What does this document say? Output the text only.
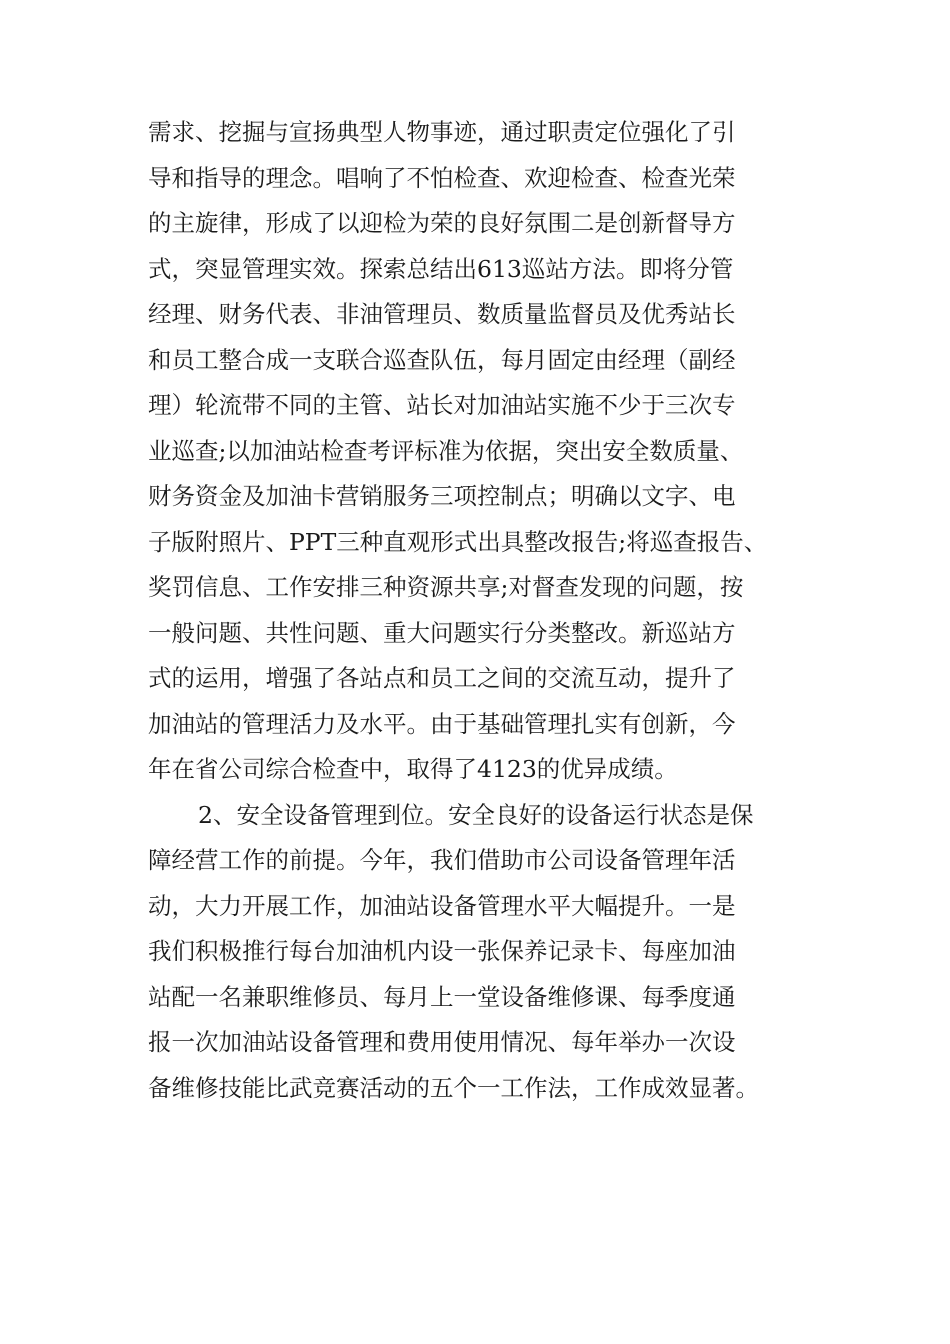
需求、挖掘与宣扬典型人物事迹，通过职责定位强化了引
导和指导的理念。唱响了不怕检查、欢迎检查、检查光荣
的主旋律，形成了以迎检为荣的良好氛围二是创新督导方
式，突显管理实效。探索总结出613巡站方法。即将分管
经理、财务代表、非油管理员、数质量监督员及优秀站长
和员工整合成一支联合巡查队伍，每月固定由经理（副经
理）轮流带不同的主管、站长对加油站实施不少于三次专
业巡查;以加油站检查考评标准为依据，突出安全数质量、
财务资金及加油卡营销服务三项控制点；明确以文字、电
子版附照片、PPT三种直观形式出具整改报告;将巡查报告、
奖罚信息、工作安排三种资源共享;对督查发现的问题，按
一般问题、共性问题、重大问题实行分类整改。新巡站方
式的运用，增强了各站点和员工之间的交流互动，提升了
加油站的管理活力及水平。由于基础管理扎实有创新，今
年在省公司综合检查中，取得了4123的优异成绩。
2、安全设备管理到位。安全良好的设备运行状态是保
障经营工作的前提。今年，我们借助市公司设备管理年活
动，大力开展工作，加油站设备管理水平大幅提升。一是
我们积极推行每台加油机内设一张保养记录卡、每座加油
站配一名兼职维修员、每月上一堂设备维修课、每季度通
报一次加油站设备管理和费用使用情况、每年举办一次设
备维修技能比武竞赛活动的五个一工作法，工作成效显著。
